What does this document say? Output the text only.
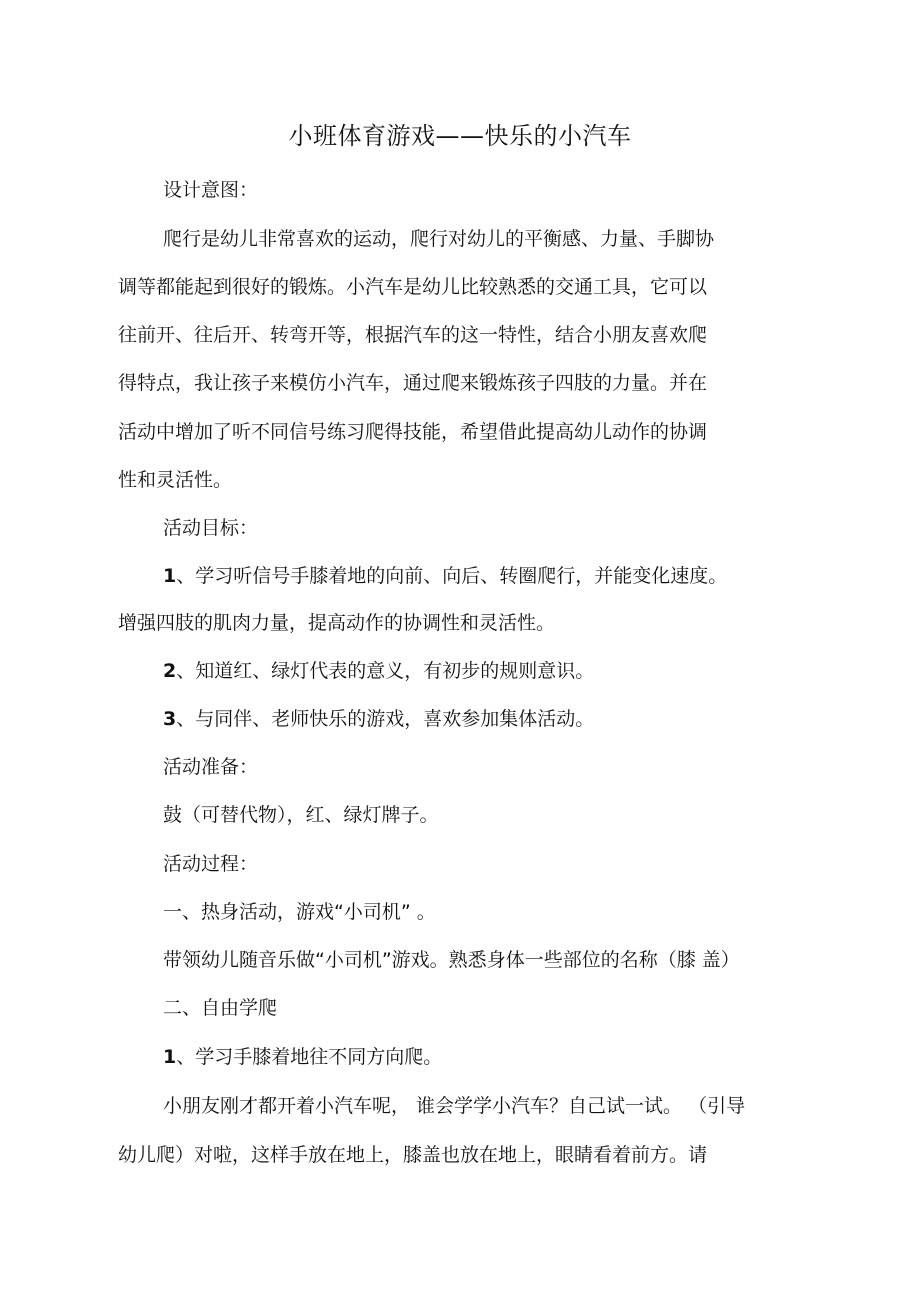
小班体育游戏——快乐的小汽车
设计意图：
爬行是幼儿非常喜欢的运动，爬行对幼儿的平衡感、力量、手脚协
调等都能起到很好的锻炼。小汽车是幼儿比较熟悉的交通工具，它可以
往前开、往后开、转弯开等，根据汽车的这一特性，结合小朋友喜欢爬
得特点，我让孩子来模仿小汽车，通过爬来锻炼孩子四肢的力量。并在
活动中增加了听不同信号练习爬得技能，希望借此提高幼儿动作的协调
性和灵活性。
活动目标：
1、学习听信号手膝着地的向前、向后、转圈爬行，并能变化速度。
增强四肢的肌肉力量，提高动作的协调性和灵活性。
2、知道红、绿灯代表的意义，有初步的规则意识。
3、与同伴、老师快乐的游戏，喜欢参加集体活动。
活动准备：
鼓（可替代物），红、绿灯牌子。
活动过程：
一、热身活动，游戏“小司机” 。
带领幼儿随音乐做“小司机”游戏。熟悉身体一些部位的名称（膝 盖）
二、自由学爬
1、学习手膝着地往不同方向爬。
小朋友刚才都开着小汽车呢， 谁会学学小汽车？自己试一试。 （引导
幼儿爬）对啦，这样手放在地上，膝盖也放在地上，眼睛看着前方。请
